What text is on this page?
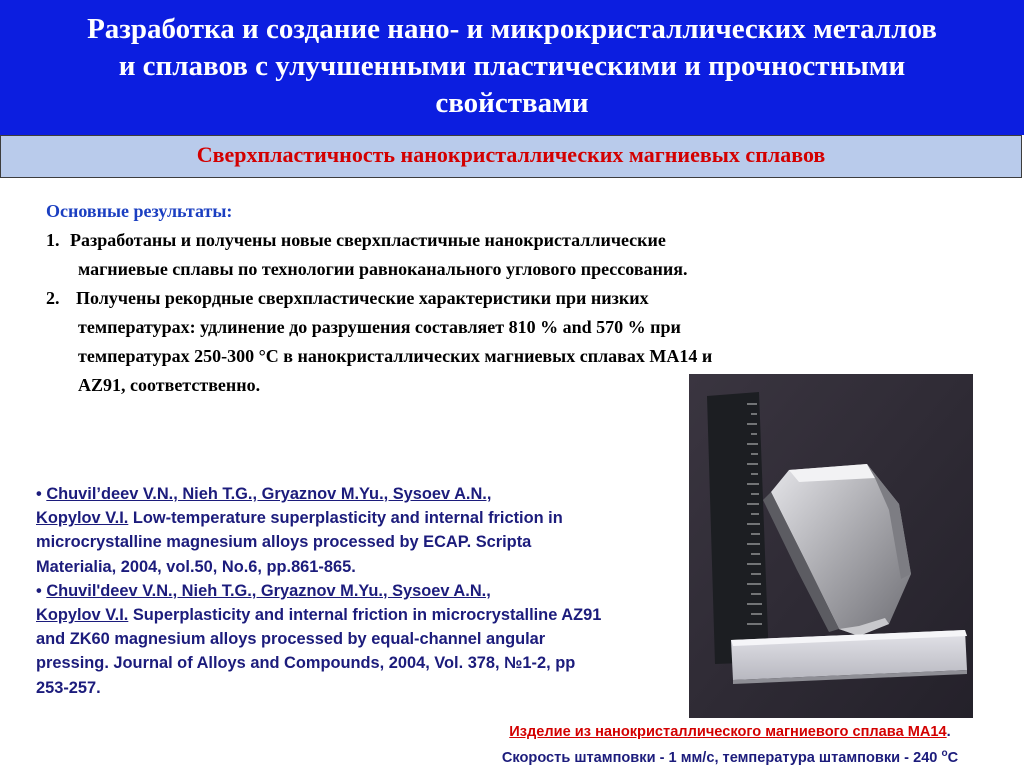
Разработка и создание нано- и микрокристаллических металлов
и сплавов с улучшенными пластическими и прочностными
свойствами
Сверхпластичность нанокристаллических магниевых сплавов
Основные результаты:
1. Разработаны и получены новые сверхпластичные нанокристаллические
магниевые сплавы по технологии равноканального углового прессования.
2. Получены рекордные сверхпластические характеристики при низких
температурах: удлинение до разрушения составляет 810 % and 570 % при
температурах 250-300 °С в нанокристаллических магниевых сплавах МА14 и
AZ91, соответственно.

• Chuvil’deev V.N., Nieh T.G., Gryaznov M.Yu., Sysoev A.N.,
Kopylov V.I. Low-temperature superplasticity and internal friction in microcrystalline magnesium alloys processed by ECAP. Scripta Materialia, 2004, vol.50, No.6, pp.861-865.

• Chuvil'deev V.N., Nieh T.G., Gryaznov M.Yu., Sysoev A.N.,
Kopylov V.I. Superplasticity and internal friction in microcrystalline AZ91 and ZK60 magnesium alloys processed by equal-channel angular pressing. Journal of Alloys and Compounds, 2004, Vol. 378, №1-2, pp 253-257.

Изделие из нанокристаллического магниевого сплава МА14.
Скорость штамповки - 1 мм/с, температура штамповки - 240 $^o$С
